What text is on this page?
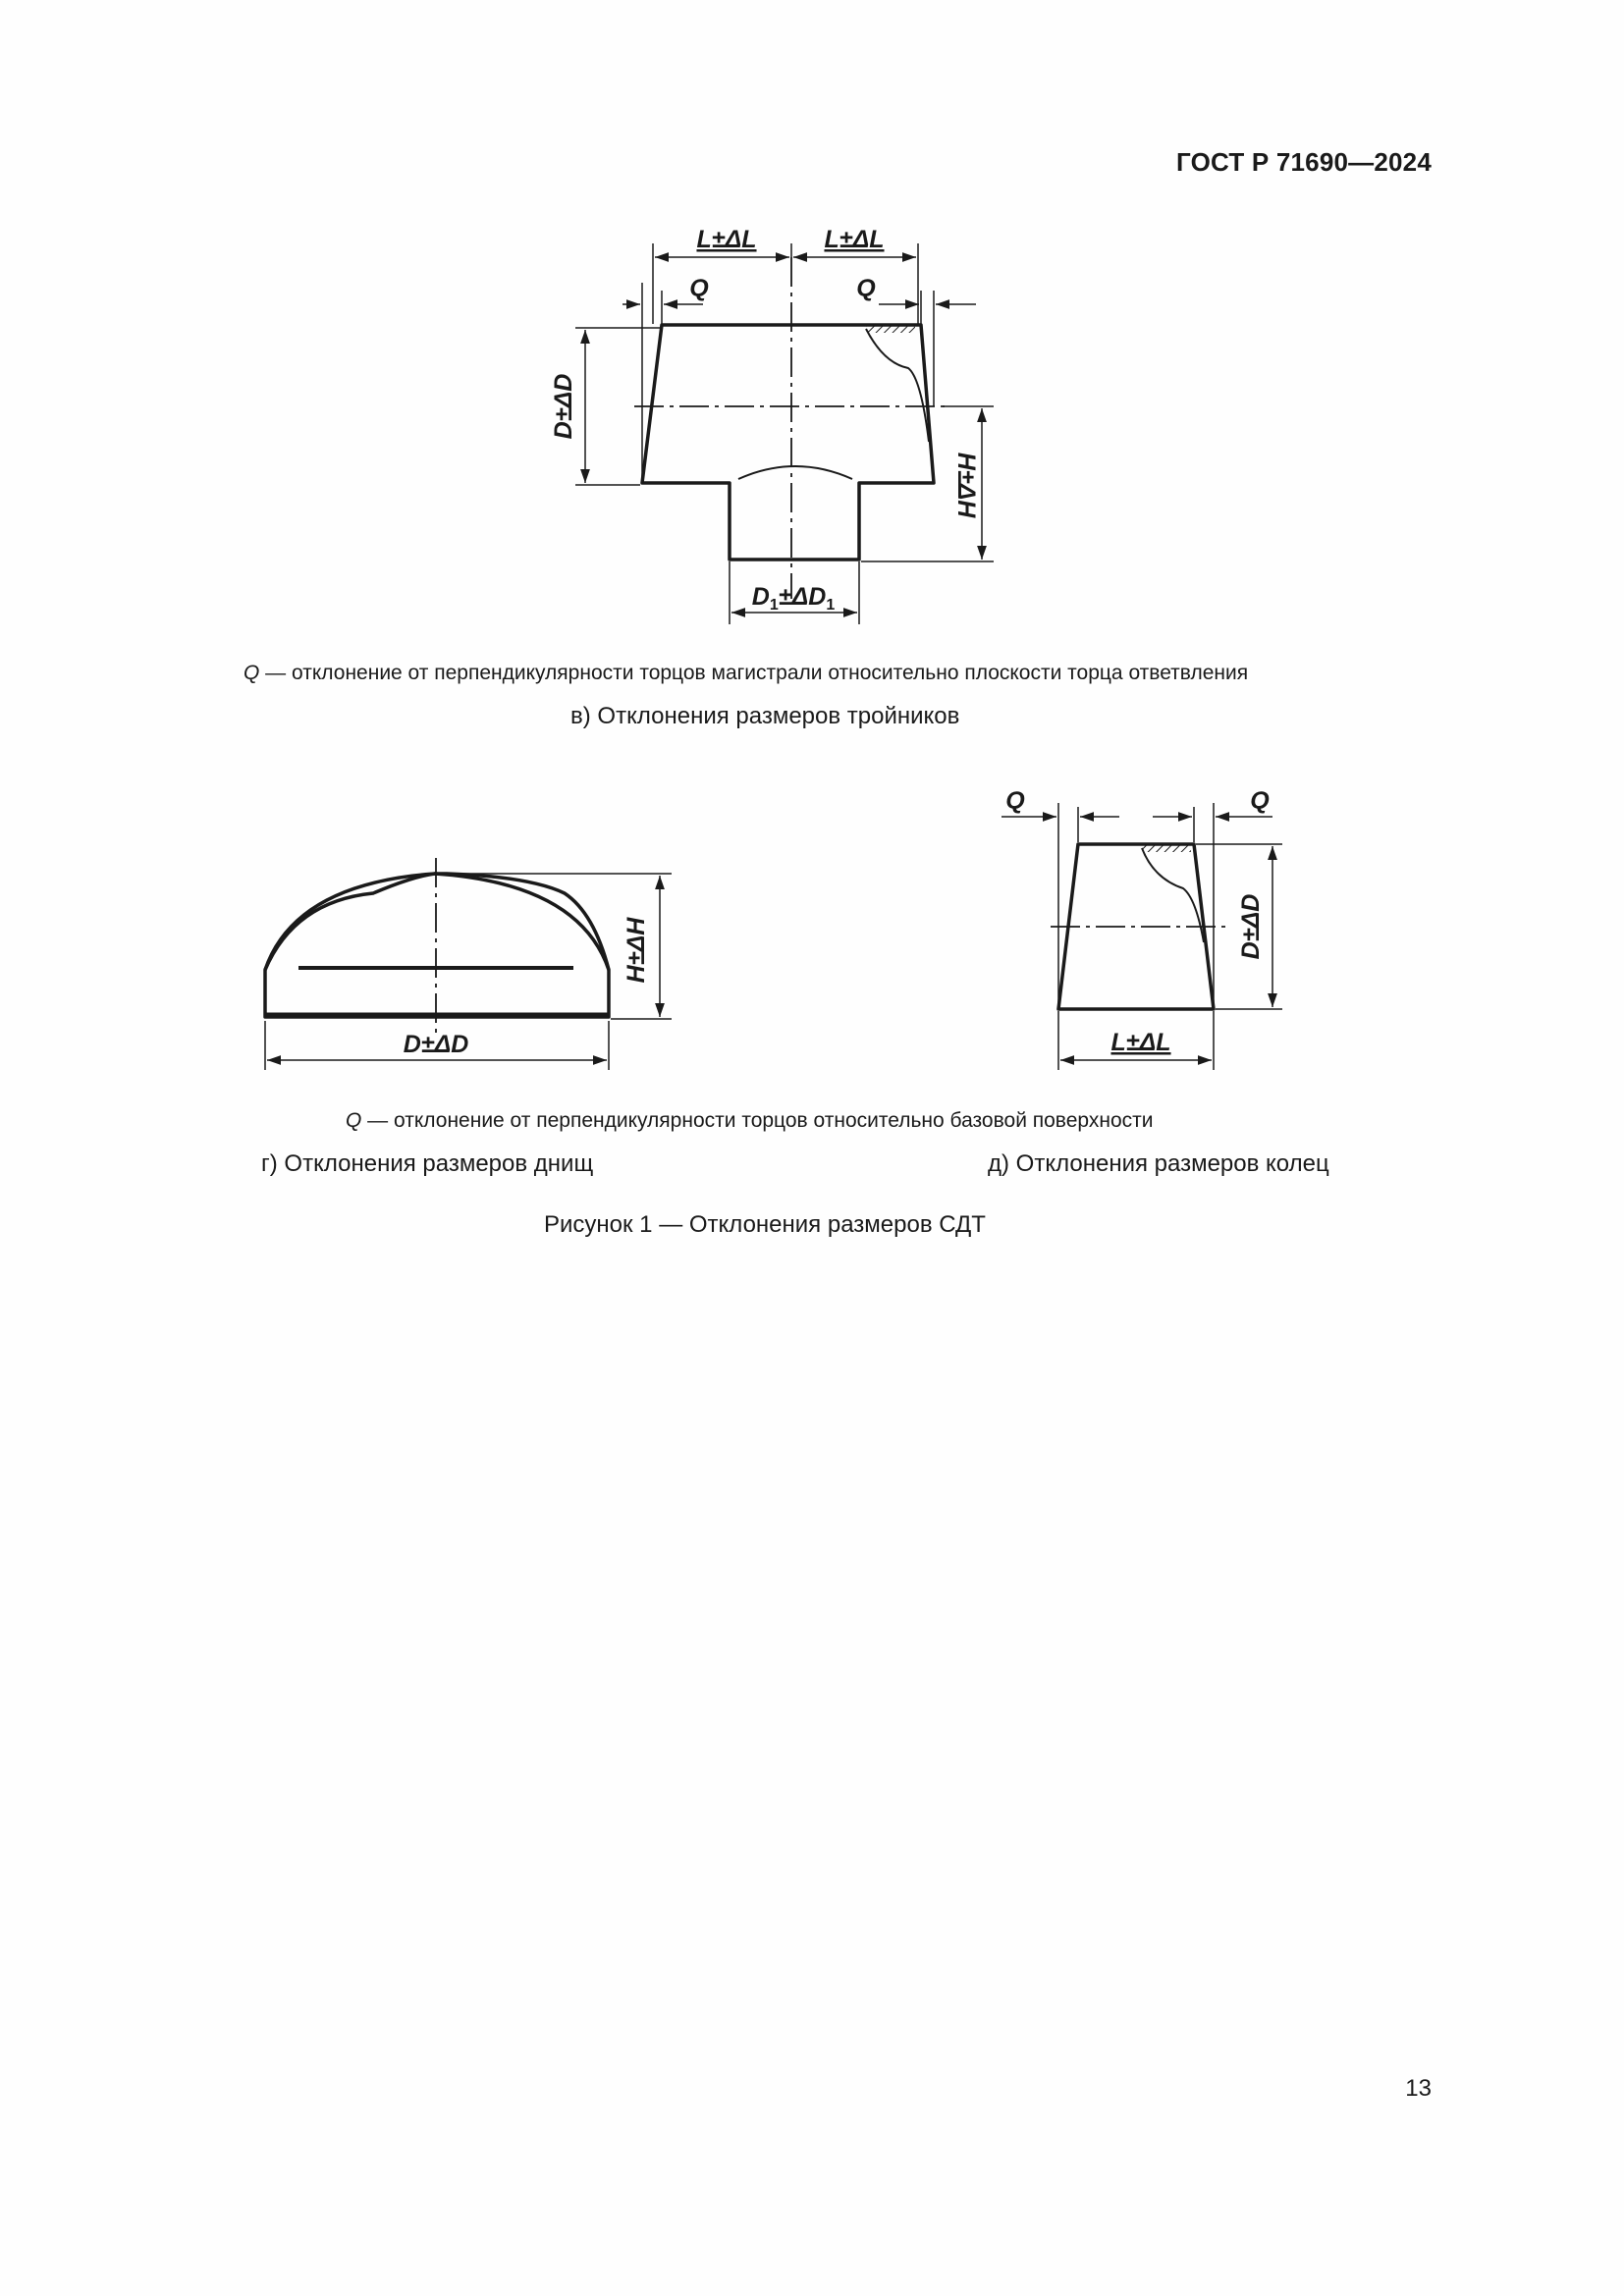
ГОСТ Р 71690—2024
L±ΔL	L±ΔL
Q	Q
D±ΔD
H±ΔH
D1±ΔD1
H±ΔH
D±ΔD
Q	Q
D±ΔD
L±ΔL
Q — отклонение от перпендикулярности торцов магистрали относительно плоскости торца ответвления
в) Отклонения размеров тройников
Q — отклонение от перпендикулярности торцов относительно базовой поверхности
г) Отклонения размеров днищ	д) Отклонения размеров колец
Рисунок 1 — Отклонения размеров СДТ
13
